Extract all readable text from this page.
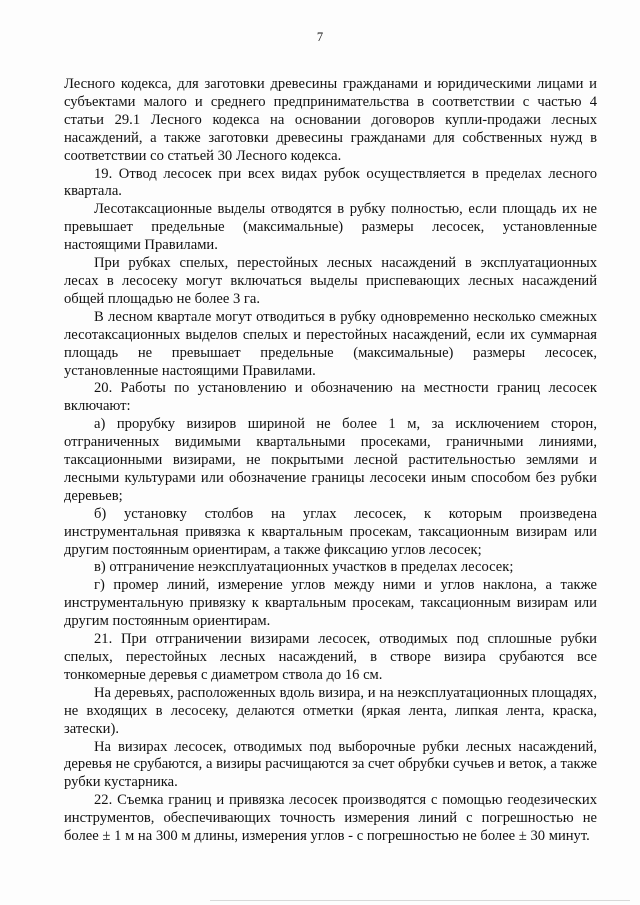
7

Лесного кодекса, для заготовки древесины гражданами и юридическими лицами и субъектами малого и среднего предпринимательства в соответствии с частью 4 статьи 29.1 Лесного кодекса на основании договоров купли-продажи лесных насаждений, а также заготовки древесины гражданами для собственных нужд в соответствии со статьей 30 Лесного кодекса.

19. Отвод лесосек при всех видах рубок осуществляется в пределах лесного квартала.

Лесотаксационные выделы отводятся в рубку полностью, если площадь их не превышает предельные (максимальные) размеры лесосек, установленные настоящими Правилами.

При рубках спелых, перестойных лесных насаждений в эксплуатационных лесах в лесосеку могут включаться выделы приспевающих лесных насаждений общей площадью не более 3 га.

В лесном квартале могут отводиться в рубку одновременно несколько смежных лесотаксационных выделов спелых и перестойных насаждений, если их суммарная площадь не превышает предельные (максимальные) размеры лесосек, установленные настоящими Правилами.

20. Работы по установлению и обозначению на местности границ лесосек включают:

а) прорубку визиров шириной не более 1 м, за исключением сторон, отграниченных видимыми квартальными просеками, граничными линиями, таксационными визирами, не покрытыми лесной растительностью землями и лесными культурами или обозначение границы лесосеки иным способом без рубки деревьев;

б) установку столбов на углах лесосек, к которым произведена инструментальная привязка к квартальным просекам, таксационным визирам или другим постоянным ориентирам, а также фиксацию углов лесосек;

в) отграничение неэксплуатационных участков в пределах лесосек;

г) промер линий, измерение углов между ними и углов наклона, а также инструментальную привязку к квартальным просекам, таксационным визирам или другим постоянным ориентирам.

21. При отграничении визирами лесосек, отводимых под сплошные рубки спелых, перестойных лесных насаждений, в створе визира срубаются все тонкомерные деревья с диаметром ствола до 16 см.

На деревьях, расположенных вдоль визира, и на неэксплуатационных площадях, не входящих в лесосеку, делаются отметки (яркая лента, липкая лента, краска, затески).

На визирах лесосек, отводимых под выборочные рубки лесных насаждений, деревья не срубаются, а визиры расчищаются за счет обрубки сучьев и веток, а также рубки кустарника.

22. Съемка границ и привязка лесосек производятся с помощью геодезических инструментов, обеспечивающих точность измерения линий с погрешностью не более ± 1 м на 300 м длины, измерения углов - с погрешностью не более ± 30 минут.
